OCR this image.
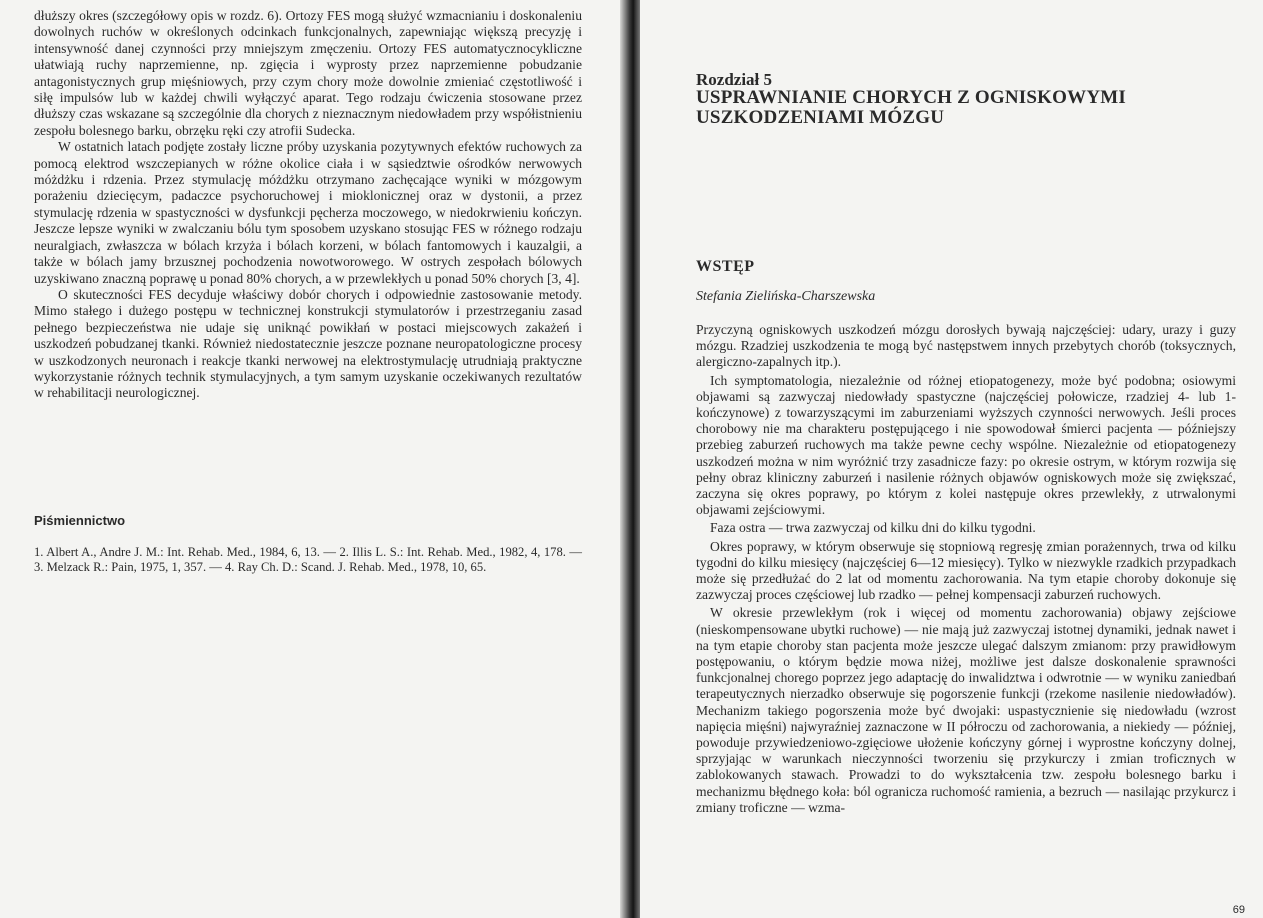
dłuższy okres (szczegółowy opis w rozdz. 6). Ortozy FES mogą służyć wzmacnianiu i doskonaleniu dowolnych ruchów w określonych odcinkach funkcjonalnych, zapewniając większą precyzję i intensywność danej czynności przy mniejszym zmęczeniu. Ortozy FES automatycznocykliczne ułatwiają ruchy naprzemienne, np. zgięcia i wyprosty przez naprzemienne pobudzanie antagonistycznych grup mięśniowych, przy czym chory może dowolnie zmieniać częstotliwość i siłę impulsów lub w każdej chwili wyłączyć aparat. Tego rodzaju ćwiczenia stosowane przez dłuższy czas wskazane są szczególnie dla chorych z nieznacznym niedowładem przy współistnieniu zespołu bolesnego barku, obrzęku ręki czy atrofii Sudecka.

W ostatnich latach podjęte zostały liczne próby uzyskania pozytywnych efektów ruchowych za pomocą elektrod wszczepianych w różne okolice ciała i w sąsiedztwie ośrodków nerwowych móżdżku i rdzenia. Przez stymulację móżdżku otrzymano zachęcające wyniki w mózgowym porażeniu dziecięcym, padaczce psychoruchowej i mioklonicznej oraz w dystonii, a przez stymulację rdzenia w spastyczności w dysfunkcji pęcherza moczowego, w niedokrwieniu kończyn. Jeszcze lepsze wyniki w zwalczaniu bólu tym sposobem uzyskano stosując FES w różnego rodzaju neuralgiach, zwłaszcza w bólach krzyża i bólach korzeni, w bólach fantomowych i kauzalgii, a także w bólach jamy brzusznej pochodzenia nowotworowego. W ostrych zespołach bólowych uzyskiwano znaczną poprawę u ponad 80% chorych, a w przewlekłych u ponad 50% chorych [3, 4].

O skuteczności FES decyduje właściwy dobór chorych i odpowiednie zastosowanie metody. Mimo stałego i dużego postępu w technicznej konstrukcji stymulatorów i przestrzeganiu zasad pełnego bezpieczeństwa nie udaje się uniknąć powikłań w postaci miejscowych zakażeń i uszkodzeń pobudzanej tkanki. Również niedostatecznie jeszcze poznane neuropatologiczne procesy w uszkodzonych neuronach i reakcje tkanki nerwowej na elektrostymulację utrudniają praktyczne wykorzystanie różnych technik stymulacyjnych, a tym samym uzyskanie oczekiwanych rezultatów w rehabilitacji neurologicznej.

Piśmiennictwo
1. Albert A., Andre J. M.: Int. Rehab. Med., 1984, 6, 13. — 2. Illis L. S.: Int. Rehab. Med., 1982, 4, 178. — 3. Melzack R.: Pain, 1975, 1, 357. — 4. Ray Ch. D.: Scand. J. Rehab. Med., 1978, 10, 65.
Rozdział 5
USPRAWNIANIE CHORYCH Z OGNISKOWYMI USZKODZENIAMI MÓZGU
WSTĘP
Stefania Zielińska-Charszewska

Przyczyną ogniskowych uszkodzeń mózgu dorosłych bywają najczęściej: udary, urazy i guzy mózgu. Rzadziej uszkodzenia te mogą być następstwem innych przebytych chorób (toksycznych, alergiczno-zapalnych itp.).

Ich symptomatologia, niezależnie od różnej etiopatogenezy, może być podobna; osiowymi objawami są zazwyczaj niedowłady spastyczne (najczęściej połowicze, rzadziej 4- lub 1-kończynowe) z towarzyszącymi im zaburzeniami wyższych czynności nerwowych. Jeśli proces chorobowy nie ma charakteru postępującego i nie spowodował śmierci pacjenta — późniejszy przebieg zaburzeń ruchowych ma także pewne cechy wspólne. Niezależnie od etiopatogenezy uszkodzeń można w nim wyróżnić trzy zasadnicze fazy: po okresie ostrym, w którym rozwija się pełny obraz kliniczny zaburzeń i nasilenie różnych objawów ogniskowych może się zwiększać, zaczyna się okres poprawy, po którym z kolei następuje okres przewlekły, z utrwalonymi objawami zejściowymi.

Faza ostra — trwa zazwyczaj od kilku dni do kilku tygodni.

Okres poprawy, w którym obserwuje się stopniową regresję zmian porażennych, trwa od kilku tygodni do kilku miesięcy (najczęściej 6—12 miesięcy). Tylko w niezwykle rzadkich przypadkach może się przedłużać do 2 lat od momentu zachorowania. Na tym etapie choroby dokonuje się zazwyczaj proces częściowej lub rzadko — pełnej kompensacji zaburzeń ruchowych.

W okresie przewlekłym (rok i więcej od momentu zachorowania) objawy zejściowe (nieskompensowane ubytki ruchowe) — nie mają już zazwyczaj istotnej dynamiki, jednak nawet i na tym etapie choroby stan pacjenta może jeszcze ulegać dalszym zmianom: przy prawidłowym postępowaniu, o którym będzie mowa niżej, możliwe jest dalsze doskonalenie sprawności funkcjonalnej chorego poprzez jego adaptację do inwalidztwa i odwrotnie — w wyniku zaniedbań terapeutycznych nierzadko obserwuje się pogorszenie funkcji (rzekome nasilenie niedowładów). Mechanizm takiego pogorszenia może być dwojaki: uspastycznienie się niedowładu (wzrost napięcia mięśni) najwyraźniej zaznaczone w II półroczu od zachorowania, a niekiedy — później, powoduje przywiedzeniowo-zgięciowe ułożenie kończyny górnej i wyprostne kończyny dolnej, sprzyjając w warunkach nieczynności tworzeniu się przykurczy i zmian troficznych w zablokowanych stawach. Prowadzi to do wykształcenia tzw. zespołu bolesnego barku i mechanizmu błędnego koła: ból ogranicza ruchomość ramienia, a bezruch — nasilając przykurcz i zmiany troficzne — wzma-

69
